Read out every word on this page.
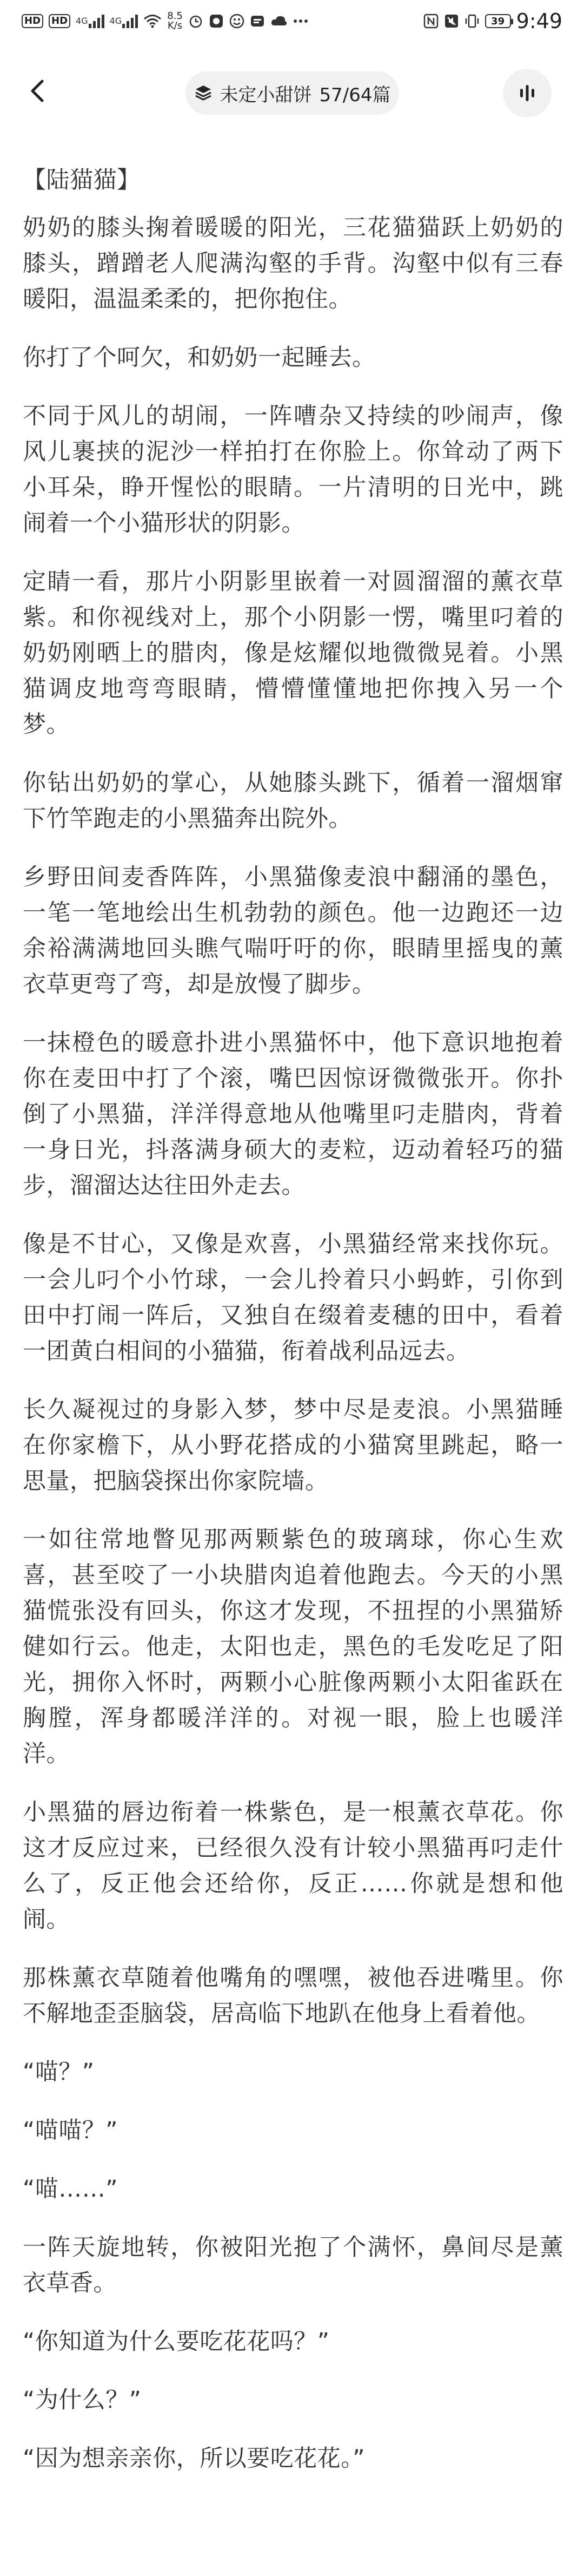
HD HD 4G	4G	8.5
K/s	39 9:49
未定小甜饼 57/64篇
【陆猫猫】

奶奶的膝头掬着暖暖的阳光，三花猫猫跃上奶奶的膝头，蹭蹭老人爬满沟壑的手背。沟壑中似有三春暖阳，温温柔柔的，把你抱住。

你打了个呵欠，和奶奶一起睡去。

不同于风儿的胡闹，一阵嘈杂又持续的吵闹声，像风儿裹挟的泥沙一样拍打在你脸上。你耸动了两下小耳朵，睁开惺忪的眼睛。一片清明的日光中，跳闹着一个小猫形状的阴影。

定睛一看，那片小阴影里嵌着一对圆溜溜的薰衣草紫。和你视线对上，那个小阴影一愣，嘴里叼着的奶奶刚晒上的腊肉，像是炫耀似地微微晃着。小黑猫调皮地弯弯眼睛，懵懵懂懂地把你拽入另一个梦。

你钻出奶奶的掌心，从她膝头跳下，循着一溜烟窜下竹竿跑走的小黑猫奔出院外。

乡野田间麦香阵阵，小黑猫像麦浪中翻涌的墨色，一笔一笔地绘出生机勃勃的颜色。他一边跑还一边余裕满满地回头瞧气喘吁吁的你，眼睛里摇曳的薰衣草更弯了弯，却是放慢了脚步。

一抹橙色的暖意扑进小黑猫怀中，他下意识地抱着你在麦田中打了个滚，嘴巴因惊讶微微张开。你扑倒了小黑猫，洋洋得意地从他嘴里叼走腊肉，背着一身日光，抖落满身硕大的麦粒，迈动着轻巧的猫步，溜溜达达往田外走去。

像是不甘心，又像是欢喜，小黑猫经常来找你玩。一会儿叼个小竹球，一会儿拎着只小蚂蚱，引你到田中打闹一阵后，又独自在缀着麦穗的田中，看着一团黄白相间的小猫猫，衔着战利品远去。

长久凝视过的身影入梦，梦中尽是麦浪。小黑猫睡在你家檐下，从小野花搭成的小猫窝里跳起，略一思量，把脑袋探出你家院墙。

一如往常地瞥见那两颗紫色的玻璃球，你心生欢喜，甚至咬了一小块腊肉追着他跑去。今天的小黑猫慌张没有回头，你这才发现，不扭捏的小黑猫矫健如行云。他走，太阳也走，黑色的毛发吃足了阳光，拥你入怀时，两颗小心脏像两颗小太阳雀跃在胸膛，浑身都暖洋洋的。对视一眼，脸上也暖洋洋。

小黑猫的唇边衔着一株紫色，是一根薰衣草花。你这才反应过来，已经很久没有计较小黑猫再叼走什么了，反正他会还给你，反正……你就是想和他闹。

那株薰衣草随着他嘴角的嘿嘿，被他吞进嘴里。你不解地歪歪脑袋，居高临下地趴在他身上看着他。

“喵？”

“喵喵？”

“喵……”

一阵天旋地转，你被阳光抱了个满怀，鼻间尽是薰衣草香。

“你知道为什么要吃花花吗？”

“为什么？”

“因为想亲亲你，所以要吃花花。”
